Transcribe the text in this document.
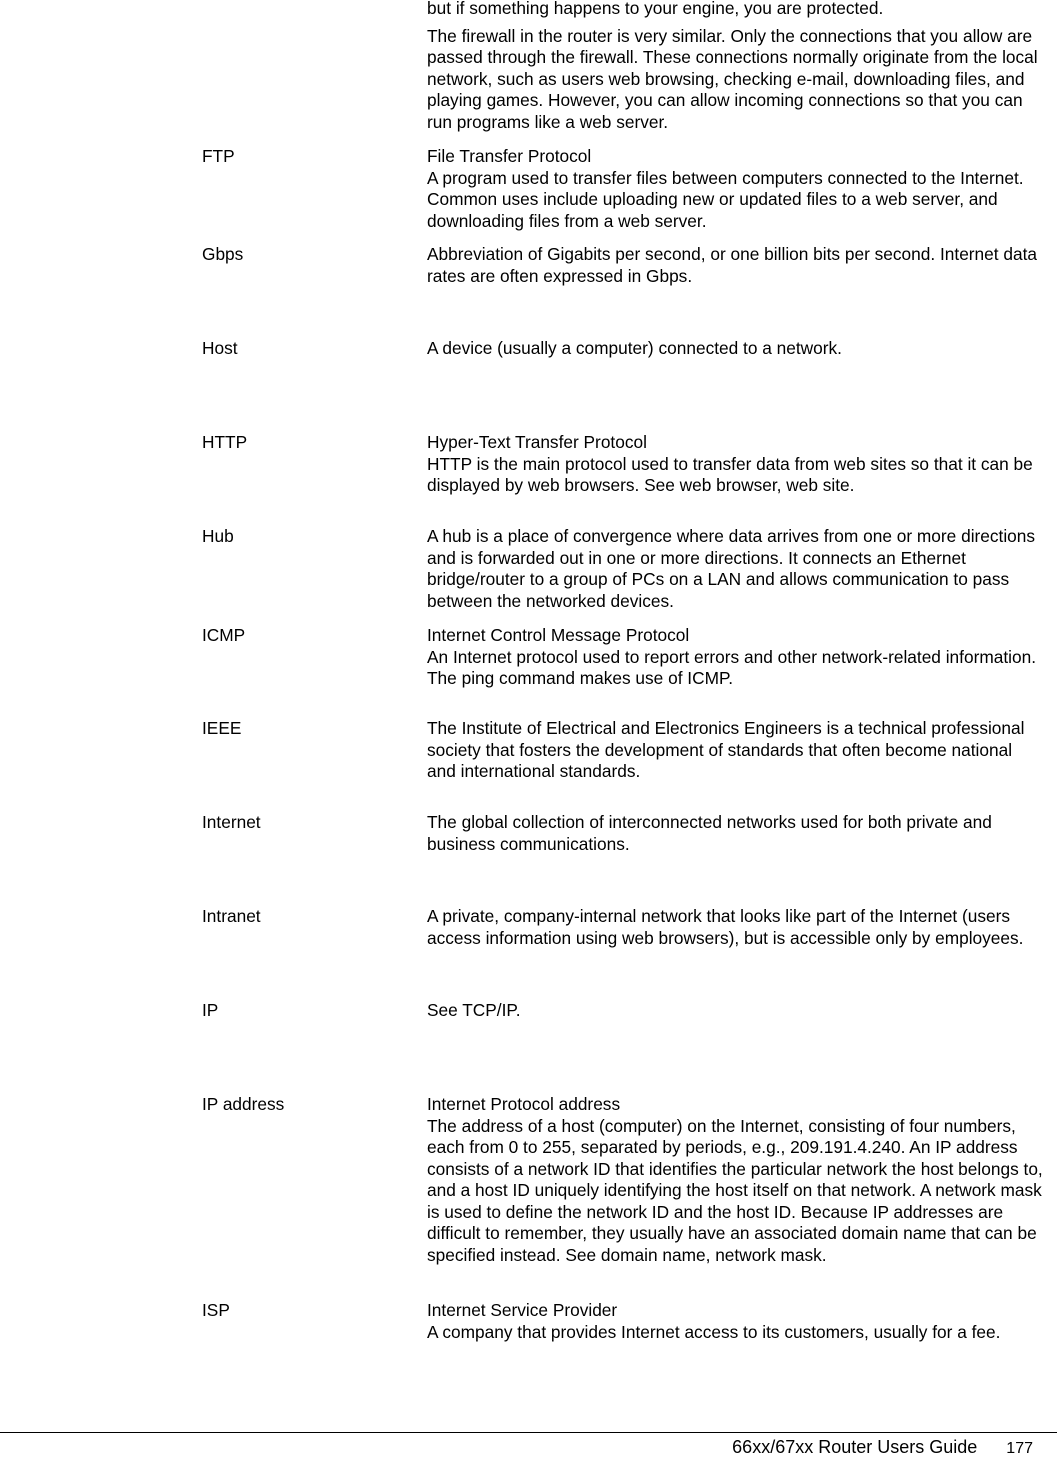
but if something happens to your engine, you are protected.

The firewall in the router is very similar. Only the connections that you allow are passed through the firewall. These connections normally originate from the local network, such as users web browsing, checking e-mail, downloading files, and playing games. However, you can allow incoming connections so that you can run programs like a web server.

FTP	File Transfer Protocol

A program used to transfer files between computers connected to the Internet. Common uses include uploading new or updated files to a web server, and downloading files from a web server.

Gbps	Abbreviation of Gigabits per second, or one billion bits per second. Internet data rates are often expressed in Gbps.

Host	A device (usually a computer) connected to a network.

HTTP	Hyper-Text Transfer Protocol

HTTP is the main protocol used to transfer data from web sites so that it can be displayed by web browsers. See web browser, web site.

Hub	A hub is a place of convergence where data arrives from one or more directions and is forwarded out in one or more directions. It connects an Ethernet bridge/router to a group of PCs on a LAN and allows communication to pass between the networked devices.

ICMP	Internet Control Message Protocol

An Internet protocol used to report errors and other network-related information. The ping command makes use of ICMP.

IEEE	The Institute of Electrical and Electronics Engineers is a technical professional society that fosters the development of standards that often become national and international standards.

Internet	The global collection of interconnected networks used for both private and business communications.

Intranet	A private, company-internal network that looks like part of the Internet (users access information using web browsers), but is accessible only by employees.

IP	See TCP/IP.

IP address	Internet Protocol address

The address of a host (computer) on the Internet, consisting of four numbers, each from 0 to 255, separated by periods, e.g., 209.191.4.240. An IP address consists of a network ID that identifies the particular network the host belongs to, and a host ID uniquely identifying the host itself on that network. A network mask is used to define the network ID and the host ID. Because IP addresses are difficult to remember, they usually have an associated domain name that can be specified instead. See domain name, network mask.

ISP	Internet Service Provider

A company that provides Internet access to its customers, usually for a fee.

66xx/67xx Router Users Guide 177
